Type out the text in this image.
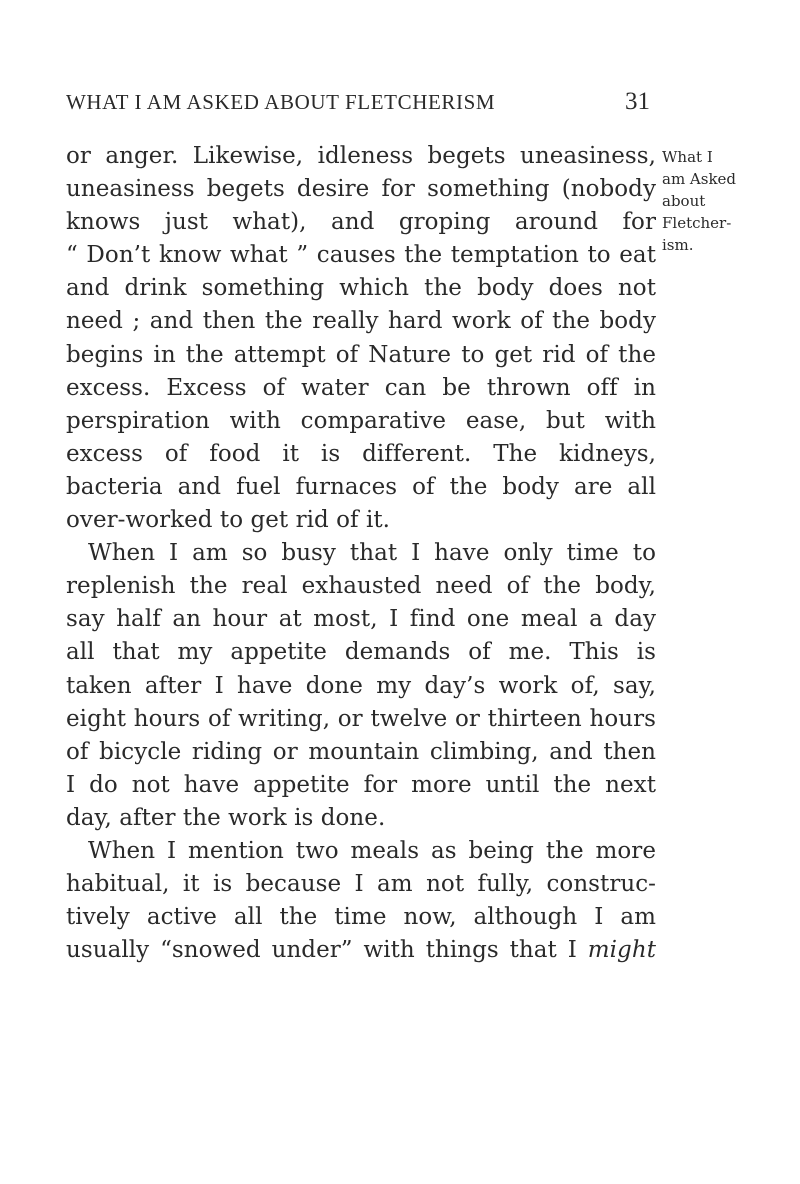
WHAT I AM ASKED ABOUT FLETCHERISM	31
What I
am Asked
about
Fletcher-
ism.
or anger. Likewise, idleness begets uneasiness,
uneasiness begets desire for something (nobody
knows just what), and groping around for
“ Don’t know what ” causes the temptation to eat
and drink something which the body does not
need ; and then the really hard work of the body
begins in the attempt of Nature to get rid of the
excess. Excess of water can be thrown off in
perspiration with comparative ease, but with
excess of food it is different. The kidneys,
bacteria and fuel furnaces of the body are all
over-worked to get rid of it.
When I am so busy that I have only time to
replenish the real exhausted need of the body,
say half an hour at most, I find one meal a day
all that my appetite demands of me. This is
taken after I have done my day’s work of, say,
eight hours of writing, or twelve or thirteen hours
of bicycle riding or mountain climbing, and then
I do not have appetite for more until the next
day, after the work is done.
When I mention two meals as being the more
habitual, it is because I am not fully, construc-
tively active all the time now, although I am
usually “snowed under” with things that I might
